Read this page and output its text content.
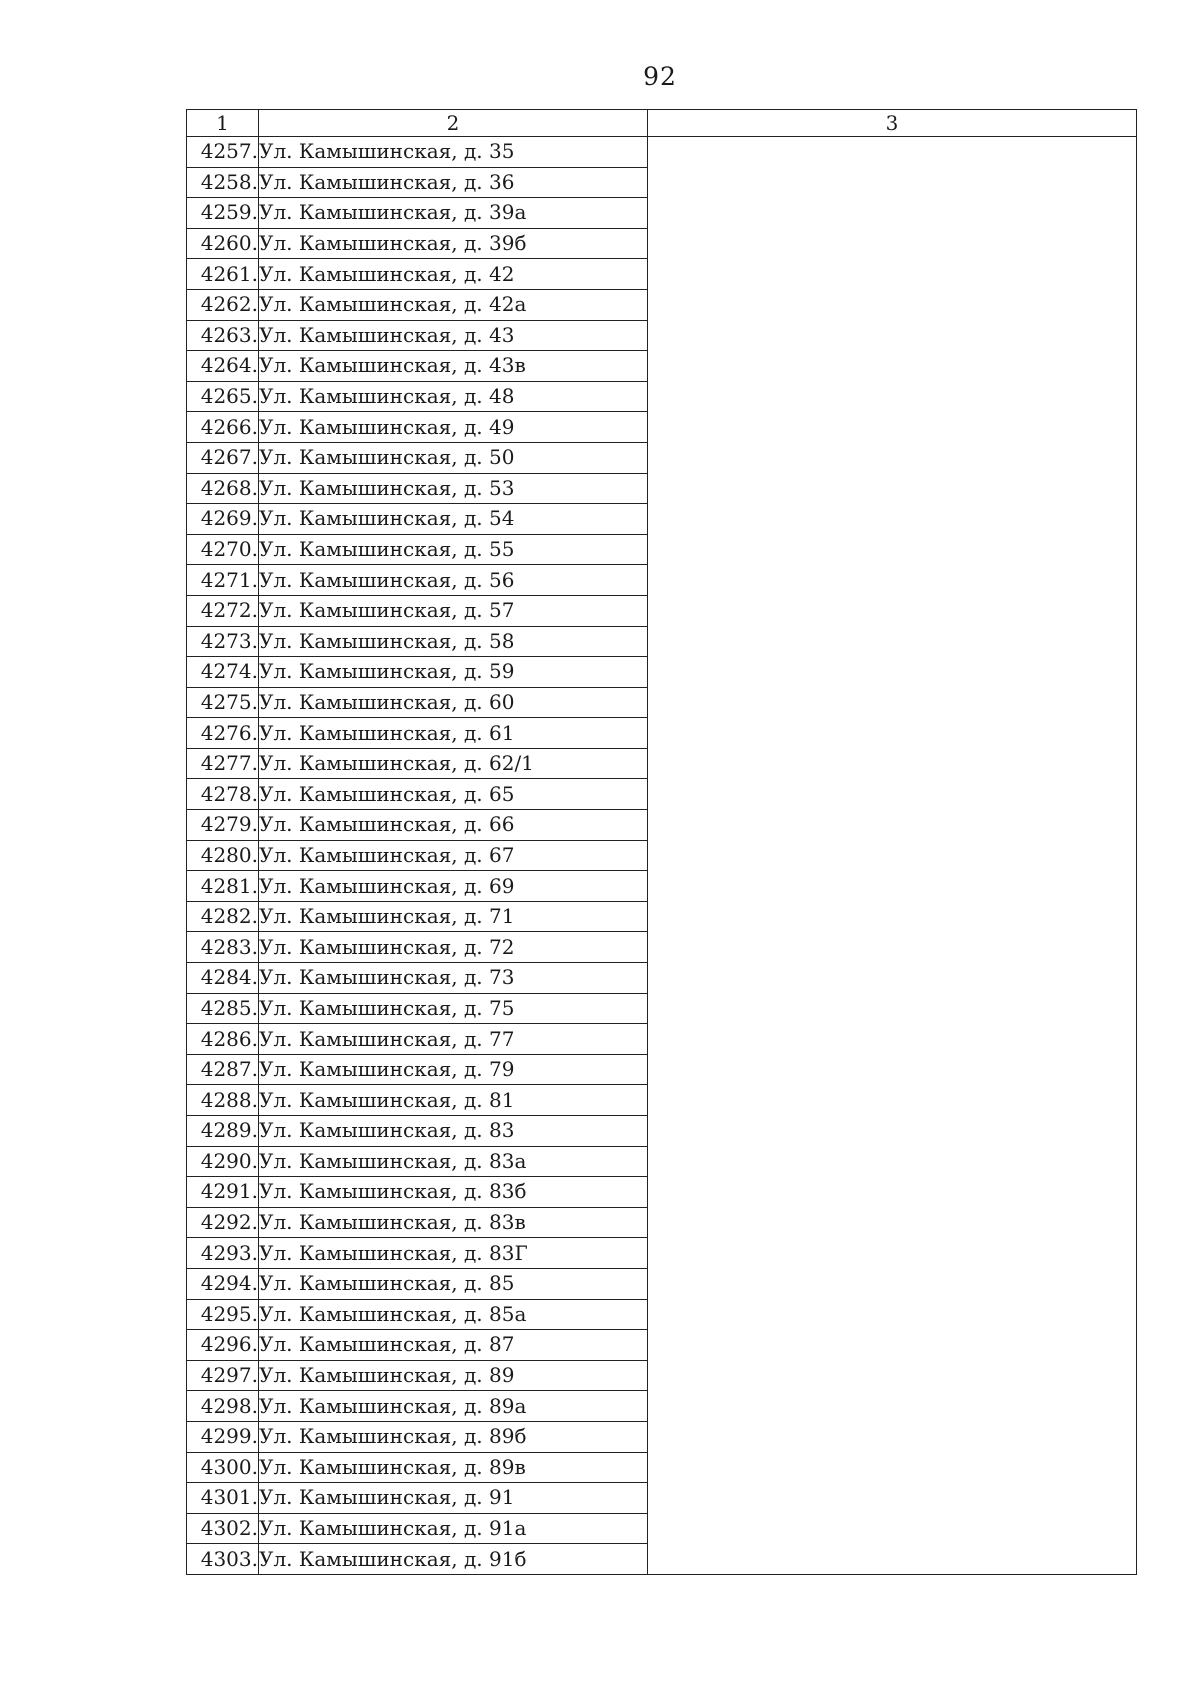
92
1	2	3
4257.	Ул. Камышинская, д. 35	
4258.	Ул. Камышинская, д. 36	
4259.	Ул. Камышинская, д. 39а	
4260.	Ул. Камышинская, д. 39б	
4261.	Ул. Камышинская, д. 42	
4262.	Ул. Камышинская, д. 42а	
4263.	Ул. Камышинская, д. 43	
4264.	Ул. Камышинская, д. 43в	
4265.	Ул. Камышинская, д. 48	
4266.	Ул. Камышинская, д. 49	
4267.	Ул. Камышинская, д. 50	
4268.	Ул. Камышинская, д. 53	
4269.	Ул. Камышинская, д. 54	
4270.	Ул. Камышинская, д. 55	
4271.	Ул. Камышинская, д. 56	
4272.	Ул. Камышинская, д. 57	
4273.	Ул. Камышинская, д. 58	
4274.	Ул. Камышинская, д. 59	
4275.	Ул. Камышинская, д. 60	
4276.	Ул. Камышинская, д. 61	
4277.	Ул. Камышинская, д. 62/1	
4278.	Ул. Камышинская, д. 65	
4279.	Ул. Камышинская, д. 66	
4280.	Ул. Камышинская, д. 67	
4281.	Ул. Камышинская, д. 69	
4282.	Ул. Камышинская, д. 71	
4283.	Ул. Камышинская, д. 72	
4284.	Ул. Камышинская, д. 73	
4285.	Ул. Камышинская, д. 75	
4286.	Ул. Камышинская, д. 77	
4287.	Ул. Камышинская, д. 79	
4288.	Ул. Камышинская, д. 81	
4289.	Ул. Камышинская, д. 83	
4290.	Ул. Камышинская, д. 83а	
4291.	Ул. Камышинская, д. 83б	
4292.	Ул. Камышинская, д. 83в	
4293.	Ул. Камышинская, д. 83Г	
4294.	Ул. Камышинская, д. 85	
4295.	Ул. Камышинская, д. 85а	
4296.	Ул. Камышинская, д. 87	
4297.	Ул. Камышинская, д. 89	
4298.	Ул. Камышинская, д. 89а	
4299.	Ул. Камышинская, д. 89б	
4300.	Ул. Камышинская, д. 89в	
4301.	Ул. Камышинская, д. 91	
4302.	Ул. Камышинская, д. 91а	
4303.	Ул. Камышинская, д. 91б	
